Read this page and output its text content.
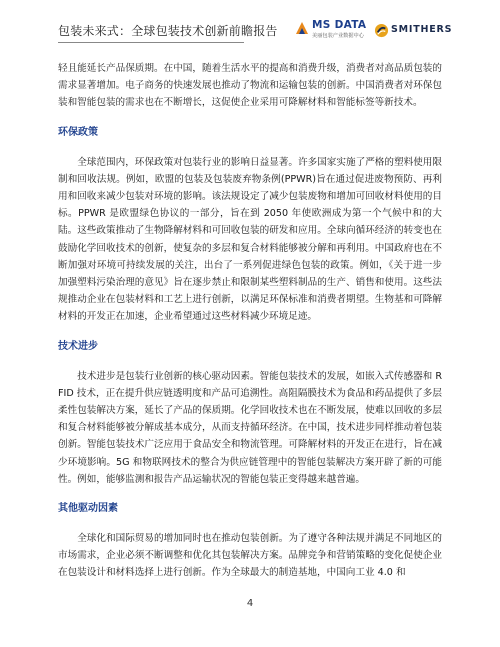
包装未来式：全球包装技术创新前瞻报告	MS DATA
美丽包装产业数据中心
SMITHERS

轻且能延长产品保质期。在中国，随着生活水平的提高和消费升级，消费者对高品质包装的需求显著增加。电子商务的快速发展也推动了物流和运输包装的创新。中国消费者对环保包装和智能包装的需求也在不断增长，这促使企业采用可降解材料和智能标签等新技术。

环保政策

全球范围内，环保政策对包装行业的影响日益显著。许多国家实施了严格的塑料使用限制和回收法规。例如，欧盟的包装及包装废弃物条例(PPWR)旨在通过促进废物预防、再利用和回收来减少包装对环境的影响。该法规设定了减少包装废物和增加可回收材料使用的目标。PPWR 是欧盟绿色协议的一部分，旨在到 2050 年使欧洲成为第一个气候中和的大陆。这些政策推动了生物降解材料和可回收包装的研发和应用。全球向循环经济的转变也在鼓励化学回收技术的创新，使复杂的多层和复合材料能够被分解和再利用。中国政府也在不断加强对环境可持续发展的关注，出台了一系列促进绿色包装的政策。例如，《关于进一步加强塑料污染治理的意见》旨在逐步禁止和限制某些塑料制品的生产、销售和使用。这些法规推动企业在包装材料和工艺上进行创新，以满足环保标准和消费者期望。生物基和可降解材料的开发正在加速，企业希望通过这些材料减少环境足迹。

技术进步

技术进步是包装行业创新的核心驱动因素。智能包装技术的发展，如嵌入式传感器和 RFID 技术，正在提升供应链透明度和产品可追溯性。高阻隔膜技术为食品和药品提供了多层柔性包装解决方案，延长了产品的保质期。化学回收技术也在不断发展，使难以回收的多层和复合材料能够被分解成基本成分，从而支持循环经济。在中国，技术进步同样推动着包装创新。智能包装技术广泛应用于食品安全和物流管理。可降解材料的开发正在进行，旨在减少环境影响。5G 和物联网技术的整合为供应链管理中的智能包装解决方案开辟了新的可能性。例如，能够监测和报告产品运输状况的智能包装正变得越来越普遍。

其他驱动因素

全球化和国际贸易的增加同时也在推动包装创新。为了遵守各种法规并满足不同地区的市场需求，企业必须不断调整和优化其包装解决方案。品牌竞争和营销策略的变化促使企业在包装设计和材料选择上进行创新。作为全球最大的制造基地，中国向工业 4.0 和

4
